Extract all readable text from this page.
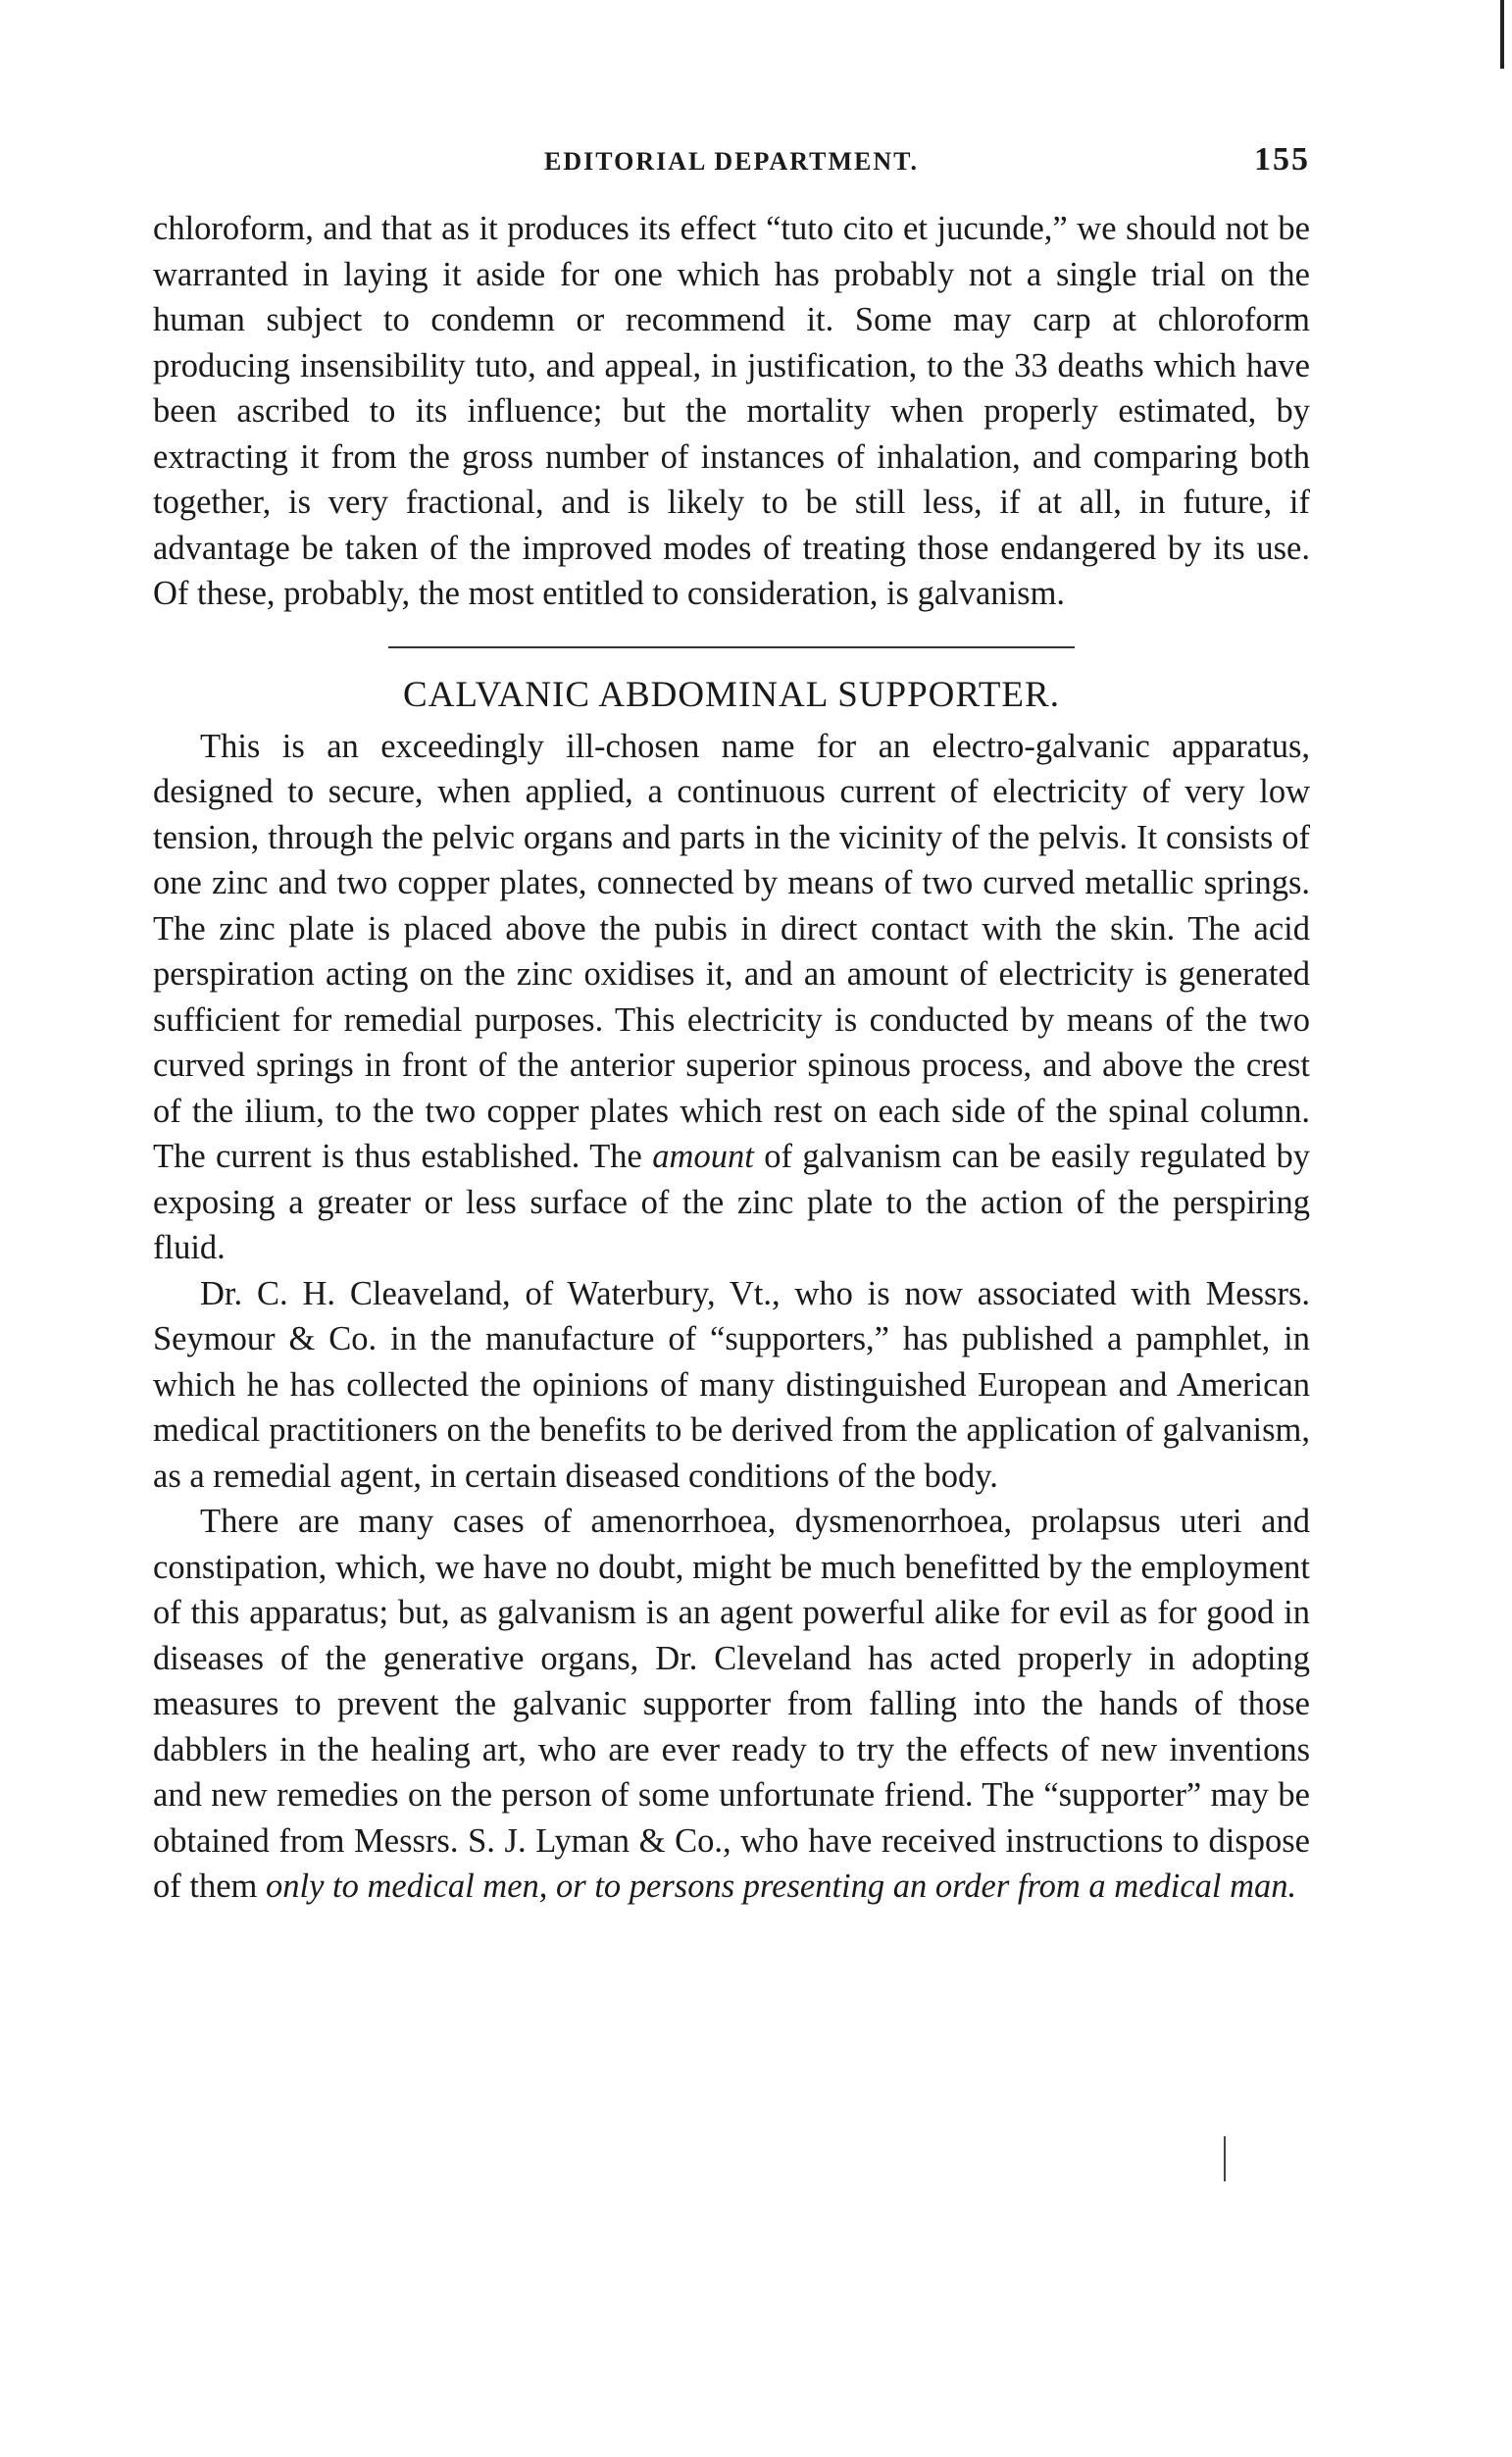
EDITORIAL DEPARTMENT.	155

chloroform, and that as it produces its effect “tuto cito et jucunde,” we should not be warranted in laying it aside for one which has probably not a single trial on the human subject to condemn or recommend it. Some may carp at chloroform producing insensibility tuto, and appeal, in justification, to the 33 deaths which have been ascribed to its influence; but the mortality when properly estimated, by extracting it from the gross number of instances of inhalation, and comparing both together, is very fractional, and is likely to be still less, if at all, in future, if advantage be taken of the improved modes of treating those endangered by its use. Of these, probably, the most entitled to consideration, is galvanism.

CALVANIC ABDOMINAL SUPPORTER.

This is an exceedingly ill-chosen name for an electro-galvanic apparatus, designed to secure, when applied, a continuous current of electricity of very low tension, through the pelvic organs and parts in the vicinity of the pelvis. It consists of one zinc and two copper plates, connected by means of two curved metallic springs. The zinc plate is placed above the pubis in direct contact with the skin. The acid perspiration acting on the zinc oxidises it, and an amount of electricity is generated sufficient for remedial purposes. This electricity is conducted by means of the two curved springs in front of the anterior superior spinous process, and above the crest of the ilium, to the two copper plates which rest on each side of the spinal column. The current is thus established. The amount of galvanism can be easily regulated by exposing a greater or less surface of the zinc plate to the action of the perspiring fluid.

Dr. C. H. Cleaveland, of Waterbury, Vt., who is now associated with Messrs. Seymour & Co. in the manufacture of “supporters,” has published a pamphlet, in which he has collected the opinions of many distinguished European and American medical practitioners on the benefits to be derived from the application of galvanism, as a remedial agent, in certain diseased conditions of the body.

There are many cases of amenorrhoea, dysmenorrhoea, prolapsus uteri and constipation, which, we have no doubt, might be much benefitted by the employment of this apparatus; but, as galvanism is an agent powerful alike for evil as for good in diseases of the generative organs, Dr. Cleveland has acted properly in adopting measures to prevent the galvanic supporter from falling into the hands of those dabblers in the healing art, who are ever ready to try the effects of new inventions and new remedies on the person of some unfortunate friend. The “supporter” may be obtained from Messrs. S. J. Lyman & Co., who have received instructions to dispose of them only to medical men, or to persons presenting an order from a medical man.
